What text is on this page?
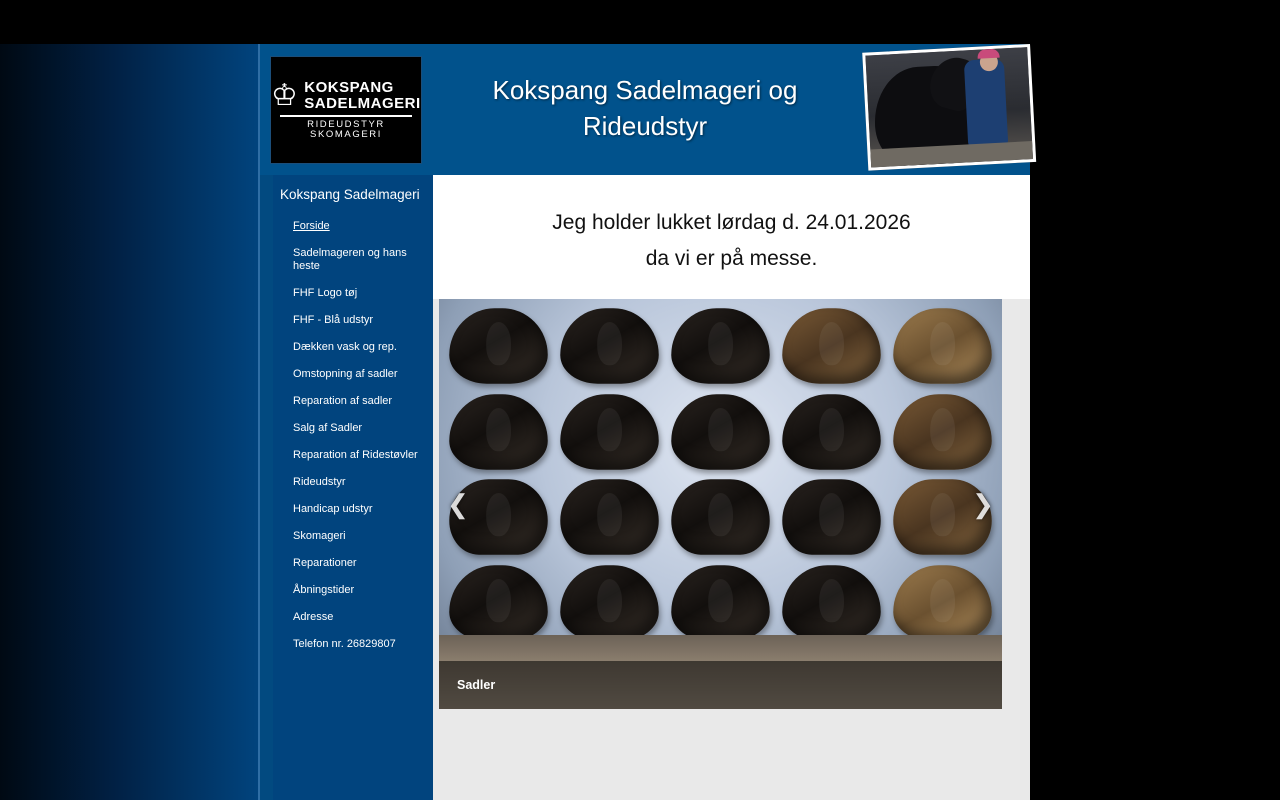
♔ KOKSPANG
SADELMAGERI
RIDEUDSTYR
SKOMAGERI
Kokspang Sadelmageri og Rideudstyr
Kokspang Sadelmageri
Forside
Sadelmageren og hans heste
FHF Logo tøj
FHF - Blå udstyr
Dækken vask og rep.
Omstopning af sadler
Reparation af sadler
Salg af Sadler
Reparation af Ridestøvler
Rideudstyr
Handicap udstyr
Skomageri
Reparationer
Åbningstider
Adresse
Telefon nr. 26829807
Jeg holder lukket lørdag d. 24.01.2026
da vi er på messe.
❮	❯
Sadler
